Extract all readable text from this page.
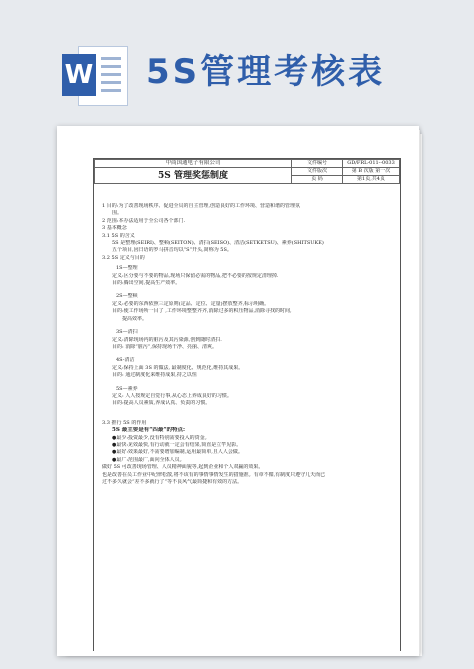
W 5S管理考核表
中商国通电子有限公司	文件编号	GD/FRL-011--0033
5S 管理奖惩制度	文件版次	第 B 次版 第一次
	页 码	第1页,共4页
1 目的:为了改善现场秩序、促进全员的自主管理,创造良好的工作环境、营造和谐的管理氛
围。
2 范围:本办法适用于全公司各个部门.
3 基本概念
3.1 5S 的含义
5S 是整理(SEIRI)、整顿(SEITON)、清扫(SEISO)、清洁(SETKETSU)、素养(SHITSUKE)
五个项目,因日语的罗马拼音均以“S”开头,简称为 5S。
3.2 5S 定义与目的
1S—整理
定义:区分要与不要的物品,现场只保留必需的物品,把不必要的按规定清理掉.
目的:腾出空间,提高生产效率。
2S—整顿
定义:必要的东西依照三定原则(定品、定位、定量)摆放整齐,标示明确。
目的:使工作场所一目了 ,工作环境整整齐齐,消除过多的积压物品,消除寻找的时间,
提高效率。
3S—清扫
定义:清除现场内的脏污及其污染源,创到随时清扫.
目的: 消除“脏污”,保持现场干净、亮丽、清爽。
4S-清洁
定义:保持上面 3S 的做法, 最制度化、规范化,维持其成果。
目的: 通过制度化来维持成果,持之以恒
5S—素养
定义: 人人按规定自觉行事,从心态上养成良好的习惯。
目的:提高人员素质,养成认真、负责的习惯。
3.3 推行 5S 的作用
5S 最主要是有“四最”的特点:
●最少:投资最少,没有特别需要投入的资金。
●最快:见效最快,有行动就一定会有结果,简直是立竿见影。
●最好:效果最好,不需要增加编制,运用最简单,且人人会做。
●最广:范围最广,面向全体人员。
做好 5S 可改善现场管理、人员精神面貌等,起到企业和个人双赢的效果。
也是改善在员工作业中纪律松散,将不该有的事情事情发生的措施准。有章不循,有制度只遵守几天而已
过不多久就会“差不多就行了”等不良风气最简捷和有效的方法。
